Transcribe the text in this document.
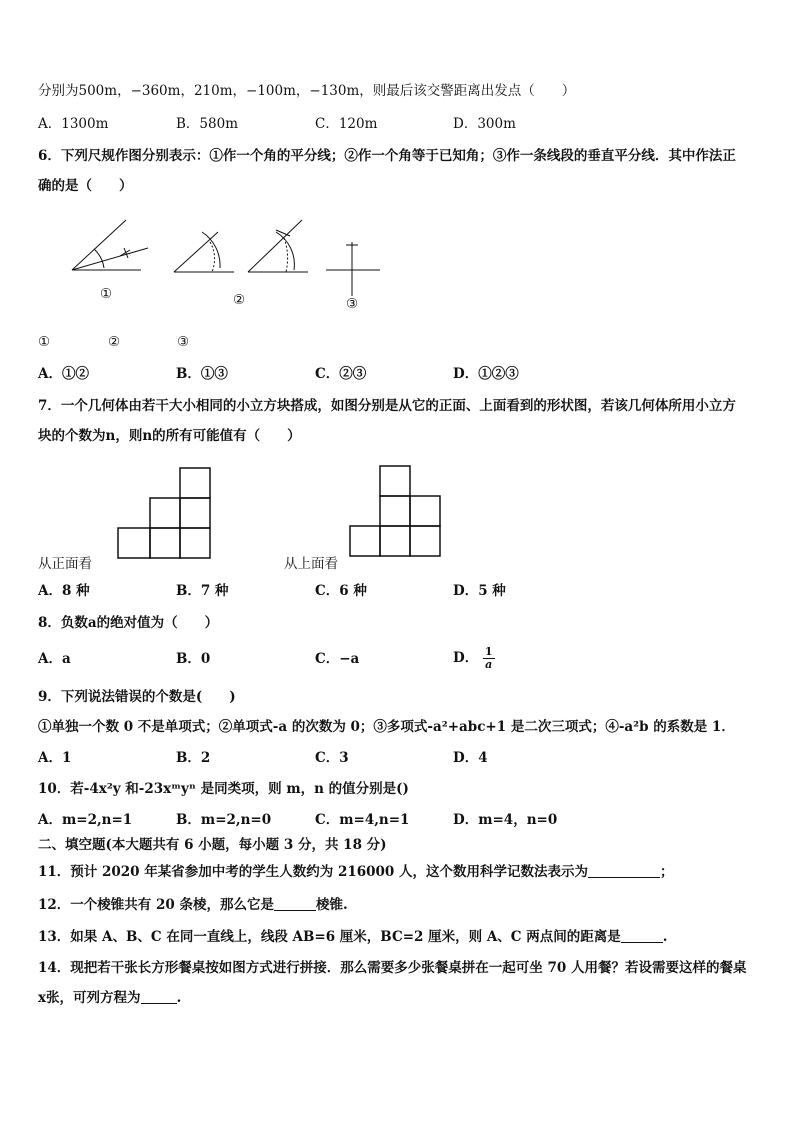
分别为500m，−360m，210m，−100m，−130m，则最后该交警距离出发点（　　）
A．1300m	B．580m	C．120m	D．300m
6．下列尺规作图分别表示：①作一个角的平分线；②作一个角等于已知角；③作一条线段的垂直平分线．其中作法正
确的是（　　）
①	②	③
①	②	③
A．①②	B．①③	C．②③	D．①②③
7．一个几何体由若干大小相同的小立方块搭成，如图分别是从它的正面、上面看到的形状图，若该几何体所用小立方
块的个数为n，则n的所有可能值有（　　）
从正面看	从上面看
A．8 种	B．7 种	C．6 种	D．5 种
8．负数a的绝对值为（　　）
A．a	B．0	C．−a	D． $\frac{1}{a}$
9．下列说法错误的个数是(　　)
①单独一个数 0 不是单项式；②单项式-a 的次数为 0；③多项式-a²+abc+1 是二次三项式；④-a²b 的系数是 1．
A．1	B．2	C．3	D．4
10．若-4x²y 和-23xᵐyⁿ 是同类项，则 m，n 的值分别是()
A．m=2,n=1	B．m=2,n=0	C．m=4,n=1	D．m=4，n=0
二、填空题(本大题共有 6 小题，每小题 3 分，共 18 分)
11．预计 2020 年某省参加中考的学生人数约为 216000 人，这个数用科学记数法表示为	；
12．一个棱锥共有 20 条棱，那么它是	棱锥.
13．如果 A、B、C 在同一直线上，线段 AB=6 厘米，BC=2 厘米，则 A、C 两点间的距离是	.
14．现把若干张长方形餐桌按如图方式进行拼接．那么需要多少张餐桌拼在一起可坐 70 人用餐？若设需要这样的餐桌
x张，可列方程为	.
